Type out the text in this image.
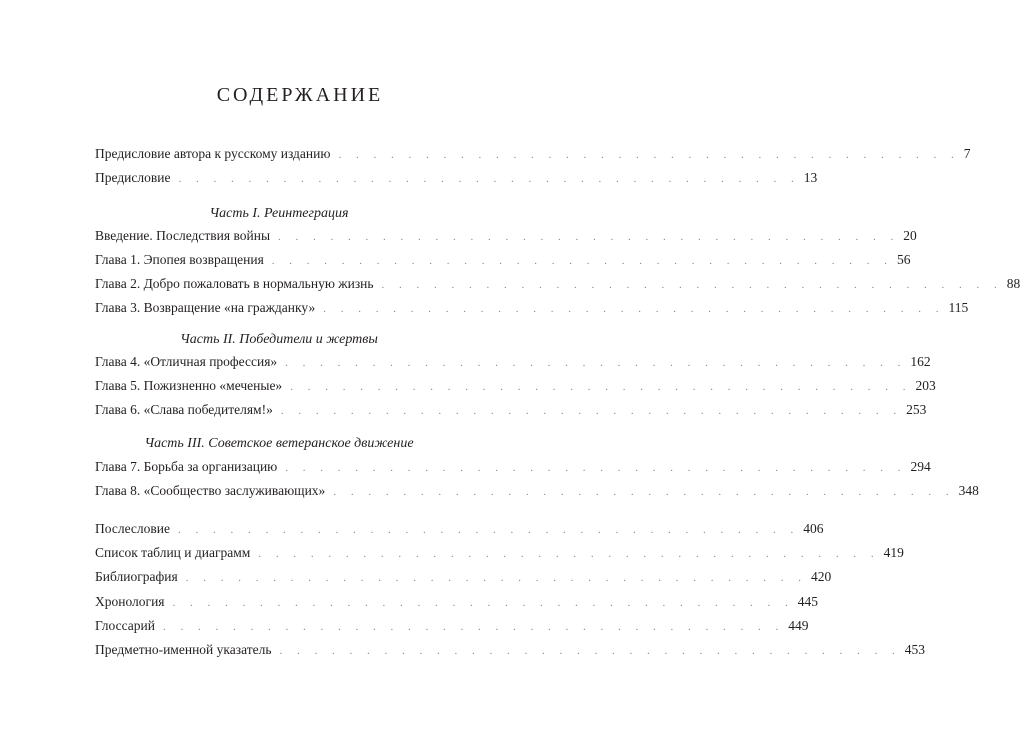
СОДЕРЖАНИЕ
Предисловие автора к русскому изданию . . . . . . . . . . . . . . . . . . . . . . . . . . . . . . . . . . . . 7
Предисловие . . . . . . . . . . . . . . . . . . . . . . . . . . . . . . . . . . . . 13
Часть I. Реинтеграция
Введение. Последствия войны . . . . . . . . . . . . . . . . . . . . . . . . . . . . . . . . . . . . 20
Глава 1. Эпопея возвращения . . . . . . . . . . . . . . . . . . . . . . . . . . . . . . . . . . . . 56
Глава 2. Добро пожаловать в нормальную жизнь . . . . . . . . . . . . . . . . . . . . . . . . . . . . . . . . . . . . 88
Глава 3. Возвращение «на гражданку» . . . . . . . . . . . . . . . . . . . . . . . . . . . . . . . . . . . . 115
Часть II. Победители и жертвы
Глава 4. «Отличная профессия» . . . . . . . . . . . . . . . . . . . . . . . . . . . . . . . . . . . . 162
Глава 5. Пожизненно «меченые» . . . . . . . . . . . . . . . . . . . . . . . . . . . . . . . . . . . . 203
Глава 6. «Слава победителям!» . . . . . . . . . . . . . . . . . . . . . . . . . . . . . . . . . . . . 253
Часть III. Советское ветеранское движение
Глава 7. Борьба за организацию . . . . . . . . . . . . . . . . . . . . . . . . . . . . . . . . . . . . 294
Глава 8. «Сообщество заслуживающих» . . . . . . . . . . . . . . . . . . . . . . . . . . . . . . . . . . . . 348
Послесловие . . . . . . . . . . . . . . . . . . . . . . . . . . . . . . . . . . . . 406
Список таблиц и диаграмм . . . . . . . . . . . . . . . . . . . . . . . . . . . . . . . . . . . . 419
Библиография . . . . . . . . . . . . . . . . . . . . . . . . . . . . . . . . . . . . 420
Хронология . . . . . . . . . . . . . . . . . . . . . . . . . . . . . . . . . . . . 445
Глоссарий . . . . . . . . . . . . . . . . . . . . . . . . . . . . . . . . . . . . 449
Предметно-именной указатель . . . . . . . . . . . . . . . . . . . . . . . . . . . . . . . . . . . . 453
